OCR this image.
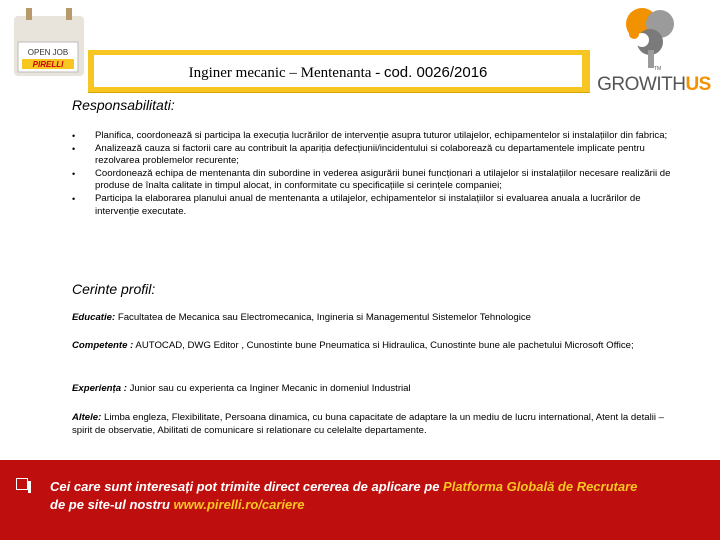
OPEN JOB
PIRELLI
Inginer mecanic – Mentenanta - cod. 0026/2016	TM
GROWITHUS
Responsabilitati:
• Planifica, coordonează si participa la execuția lucrărilor de intervenție asupra tuturor utilajelor, echipamentelor si instalațiilor din fabrica;
• Analizează cauza si factorii care au contribuit la apariția defecțiunii/incidentului si colaborează cu departamentele implicate pentru rezolvarea problemelor recurente;
• Coordonează echipa de mentenanta din subordine in vederea asigurării bunei funcționari a utilajelor si instalațiilor necesare realizării de produse de înalta calitate in timpul alocat, in conformitate cu specificațiile si cerințele companiei;
• Participa la elaborarea planului anual de mentenanta a utilajelor, echipamentelor si instalațiilor si evaluarea anuala a lucrărilor de intervenție executate.
Cerinte profil:
Educatie: Facultatea de Mecanica sau Electromecanica, Ingineria si Managementul Sistemelor Tehnologice
Competente : AUTOCAD, DWG Editor , Cunostinte bune Pneumatica si Hidraulica, Cunostinte bune ale pachetului Microsoft Office;
Experiența : Junior sau cu experienta ca Inginer Mecanic in domeniul Industrial
Altele: Limba engleza, Flexibilitate, Persoana dinamica, cu buna capacitate de adaptare la un mediu de lucru international, Atent la detalii – spirit de observatie, Abilitati de comunicare si relationare cu celelalte departamente.
Cei care sunt interesați pot trimite direct cererea de aplicare pe Platforma Globală de Recrutare
de pe site-ul nostru www.pirelli.ro/cariere
